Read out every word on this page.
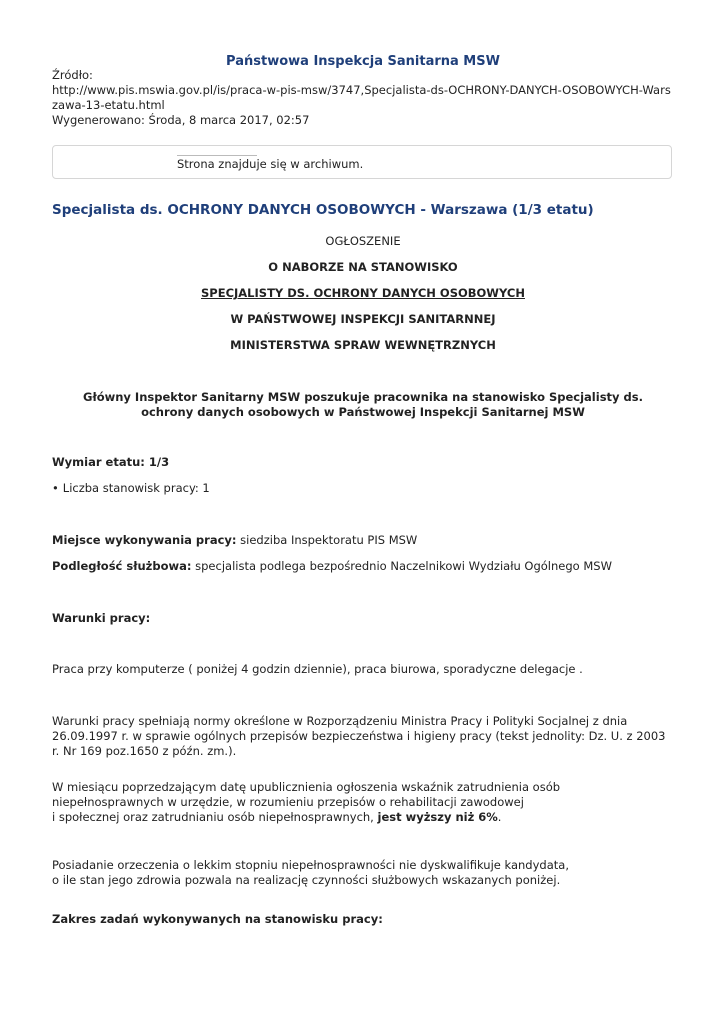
Państwowa Inspekcja Sanitarna MSW
Źródło:
http://www.pis.mswia.gov.pl/is/praca-w-pis-msw/3747,Specjalista-ds-OCHRONY-DANYCH-OSOBOWYCH-Warszawa-13-etatu.html
Wygenerowano: Środa, 8 marca 2017, 02:57
Strona znajduje się w archiwum.
Specjalista ds. OCHRONY DANYCH OSOBOWYCH - Warszawa (1/3 etatu)
OGŁOSZENIE
O NABORZE NA STANOWISKO
SPECJALISTY DS. OCHRONY DANYCH OSOBOWYCH
W PAŃSTWOWEJ INSPEKCJI SANITARNNEJ
MINISTERSTWA SPRAW WEWNĘTRZNYCH
Główny Inspektor Sanitarny MSW poszukuje pracownika na stanowisko Specjalisty ds. ochrony danych osobowych w Państwowej Inspekcji Sanitarnej MSW
Wymiar etatu: 1/3
• Liczba stanowisk pracy: 1
Miejsce wykonywania pracy: siedziba Inspektoratu PIS MSW
Podległość służbowa: specjalista podlega bezpośrednio Naczelnikowi Wydziału Ogólnego MSW
Warunki pracy:
Praca przy komputerze ( poniżej 4 godzin dziennie), praca biurowa, sporadyczne delegacje .
Warunki pracy spełniają normy określone w Rozporządzeniu Ministra Pracy i Polityki Socjalnej z dnia 26.09.1997 r. w sprawie ogólnych przepisów bezpieczeństwa i higieny pracy (tekst jednolity: Dz. U. z 2003 r. Nr 169 poz.1650 z późn. zm.).
W miesiącu poprzedzającym datę upublicznienia ogłoszenia wskaźnik zatrudnienia osób niepełnosprawnych w urzędzie, w rozumieniu przepisów o rehabilitacji zawodowej
i społecznej oraz zatrudnianiu osób niepełnosprawnych, jest wyższy niż 6%.
Posiadanie orzeczenia o lekkim stopniu niepełnosprawności nie dyskwalifikuje kandydata,
o ile stan jego zdrowia pozwala na realizację czynności służbowych wskazanych poniżej.
Zakres zadań wykonywanych na stanowisku pracy:
